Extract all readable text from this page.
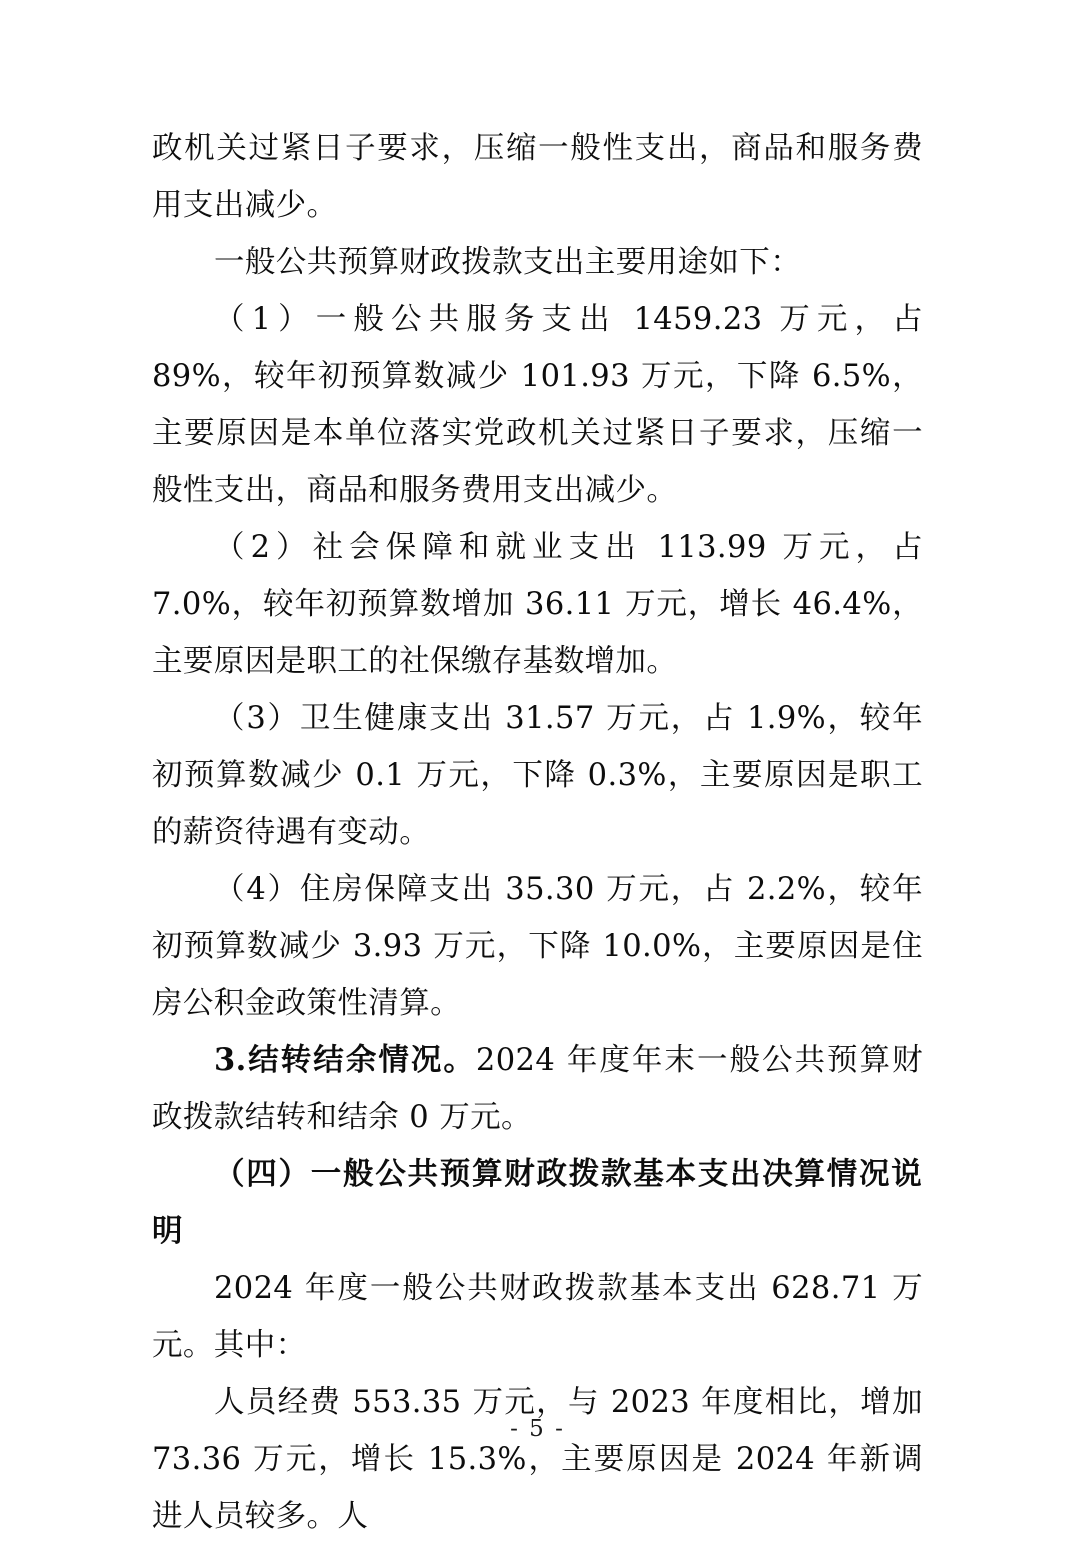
政机关过紧日子要求，压缩一般性支出，商品和服务费用支出减少。

一般公共预算财政拨款支出主要用途如下：

（1）一般公共服务支出 1459.23 万元，占 89%，较年初预算数减少 101.93 万元，下降 6.5%，主要原因是本单位落实党政机关过紧日子要求，压缩一般性支出，商品和服务费用支出减少。

（2）社会保障和就业支出 113.99 万元，占 7.0%，较年初预算数增加 36.11 万元，增长 46.4%，主要原因是职工的社保缴存基数增加。

（3）卫生健康支出 31.57 万元，占 1.9%，较年初预算数减少 0.1 万元，下降 0.3%，主要原因是职工的薪资待遇有变动。

（4）住房保障支出 35.30 万元，占 2.2%，较年初预算数减少 3.93 万元，下降 10.0%，主要原因是住房公积金政策性清算。

3.结转结余情况。2024 年度年末一般公共预算财政拨款结转和结余 0 万元。

（四）一般公共预算财政拨款基本支出决算情况说明

2024 年度一般公共财政拨款基本支出 628.71 万元。其中：

人员经费 553.35 万元，与 2023 年度相比，增加 73.36 万元，增长 15.3%，主要原因是 2024 年新调进人员较多。人

- 5 -
